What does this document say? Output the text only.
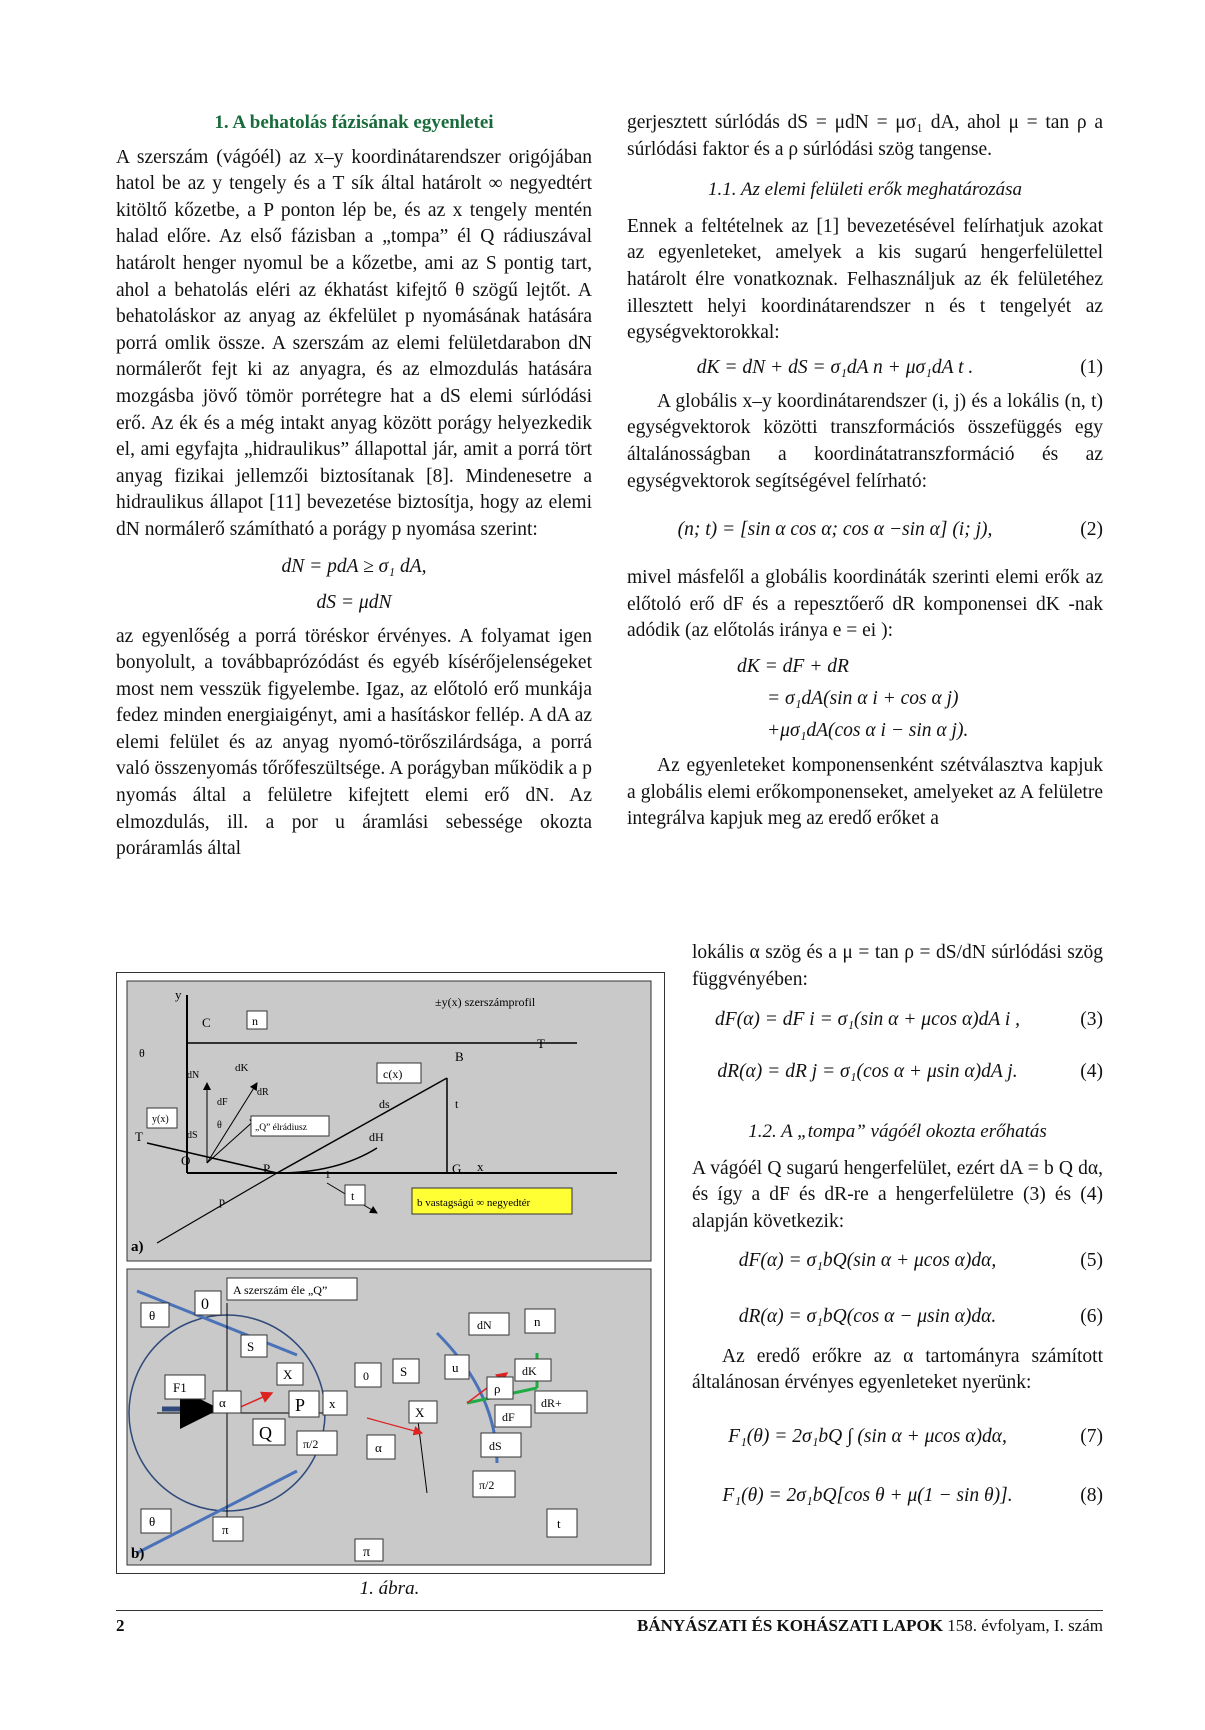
1. A behatolás fázisának egyenletei

A szerszám (vágóél) az x–y koordinátarendszer origójában hatol be az y tengely és a T sík által határolt ∞ negyedtért kitöltő kőzetbe, a P ponton lép be, és az x tengely mentén halad előre. Az első fázisban a „tompa” él Q rádiuszával határolt henger nyomul be a kőzetbe, ami az S pontig tart, ahol a behatolás eléri az ékhatást kifejtő θ szögű lejtőt. A behatoláskor az anyag az ékfelület p nyomásának hatására porrá omlik össze. A szerszám az elemi felületdarabon dN normálerőt fejt ki az anyagra, és az elmozdulás hatására mozgásba jövő tömör porrétegre hat a dS elemi súrlódási erő. Az ék és a még intakt anyag között porágy helyezkedik el, ami egyfajta „hidraulikus” állapottal jár, amit a porrá tört anyag fizikai jellemzői biztosítanak [8]. Mindenesetre a hidraulikus állapot [11] bevezetése biztosítja, hogy az elemi dN normálerő számítható a porágy p nyomása szerint:

dN = pdA ≥ σ₁ dA,
dS = μdN

az egyenlőség a porrá töréskor érvényes. A folyamat igen bonyolult, a továbbaprózódást és egyéb kísérőjelenségeket most nem vesszük figyelembe. Igaz, az előtoló erő munkája fedez minden energiaigényt, ami a hasításkor fellép. A dA az elemi felület és az anyag nyomó-törőszilárdsága, a porrá való összenyomás tőrőfeszültsége. A porágyban működik a p nyomás által a felületre kifejtett elemi erő dN. Az elmozdulás, ill. a por u áramlási sebessége okozta poráramlás által

gerjesztett súrlódás dS = μdN = μσ₁ dA, ahol μ = tan ρ a súrlódási faktor és a ρ súrlódási szög tangense.

1.1. Az elemi felületi erők meghatározása

Ennek a feltételnek az [1] bevezetésével felírhatjuk azokat az egyenleteket, amelyek a kis sugarú hengerfelülettel határolt élre vonatkoznak. Felhasználjuk az ék felületéhez illesztett helyi koordinátarendszer n és t tengelyét az egységvektorokkal:

dK = dN + dS = σ₁dA n + μσ₁dA t .	(1)

A globális x–y koordinátarendszer (i, j) és a lokális (n, t) egységvektorok közötti transzformációs összefüggés egy általánosságban a koordinátatranszformáció és az egységvektorok segítségével felírható:

(n; t) = [sin α cos α; cos α −sin α] (i; j),	(2)

mivel másfelől a globális koordináták szerinti elemi erők az előtoló erő dF és a repesztőerő dR komponensei dK -nak adódik (az előtolás iránya e = ei ):

dK = dF + dR
= σ₁dA(sin α i + cos α j)
+μσ₁dA(cos α i − sin α j).

Az egyenleteket komponensenként szétválasztva kapjuk a globális elemi erőkomponenseket, amelyeket az A felületre integrálva kapjuk meg az eredő erőket a

lokális α szög és a μ = tan ρ = dS/dN súrlódási szög függvényében:

dF(α) = dF i = σ₁(sin α + μcos α)dA i ,	(3)
dR(α) = dR j = σ₁(cos α + μsin α)dA j.	(4)
1.2. A „tompa” vágóél okozta erőhatás

A vágóél Q sugarú hengerfelület, ezért dA = b Q dα, és így a dF és dR-re a hengerfelületre (3) és (4) alapján következik:

dF(α) = σ₁bQ(sin α + μcos α)dα,	(5)
dR(α) = σ₁bQ(cos α − μsin α)dα.	(6)

Az eredő erőkre az α tartományra számított általánosan érvényes egyenleteket nyerünk:

F₁(θ) = 2σ₁bQ ∫ (sin α + μcos α)dα,	(7)
F₁(θ) = 2σ₁bQ[cos θ + μ(1 − sin θ)].	(8)
y
C	n
±y(x) szerszámprofil
T
θ
dK
dN
dR
c(x)
B
dF	ds
θ
t
y(x)
dS
„Q” élrádiusz
dH
T
x
O
P	1	G
p	t	b vastagságú ∞ negyedtér
a)
A szerszám éle „Q”
θ
0
S
X
F1
α	P x
Q
π/2
θ
π
π
0 S	u
dN	n
ρ
dK
X
dR+
dF
α	dS
π/2
t
b)
1. ábra.
2	BÁNYÁSZATI ÉS KOHÁSZATI LAPOK 158. évfolyam, I. szám
